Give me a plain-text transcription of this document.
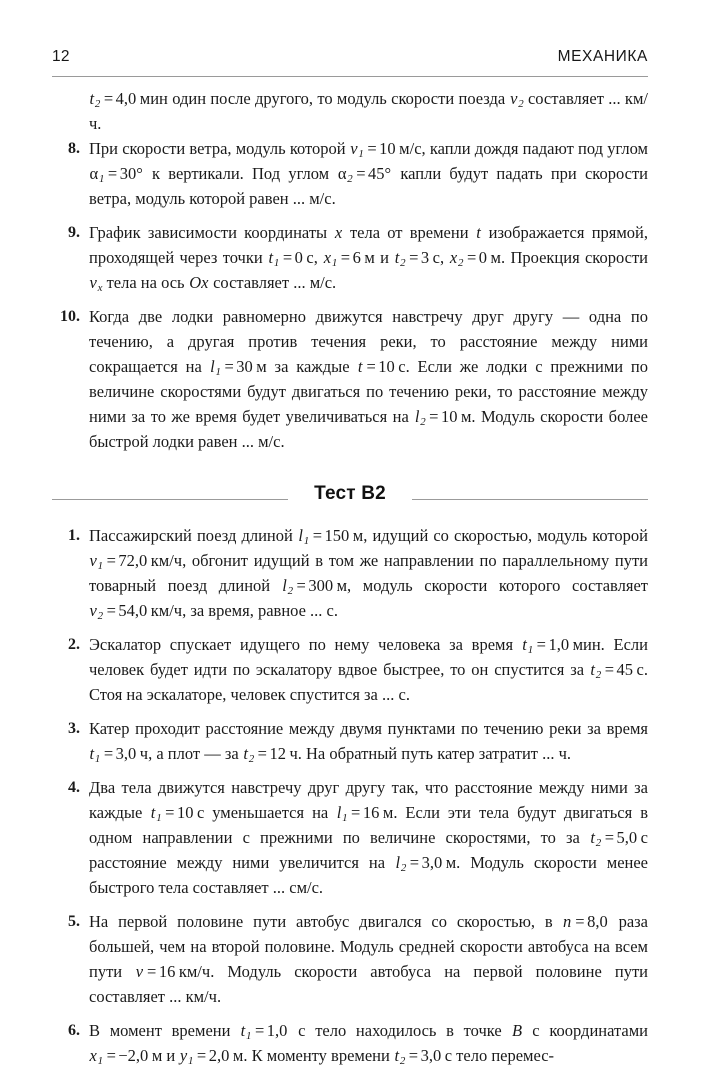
12	МЕХАНИКА

$t_2 = 4,0$ мин один после другого, то модуль скорости поезда $v_2$ составляет ... км/ч.

8. При скорости ветра, модуль которой $v_1 = 10$ м/с, капли дождя падают под углом $\alpha_1 = 30^\circ$ к вертикали. Под углом $\alpha_2 = 45^\circ$ капли будут падать при скорости ветра, модуль которой равен ... м/с.
9. График зависимости координаты x тела от времени t изображается прямой, проходящей через точки $t_1 = 0$ с, $x_1 = 6$ м и $t_2 = 3$ с, $x_2 = 0$ м. Проекция скорости $v_x$ тела на ось Ox составляет ... м/с.
10. Когда две лодки равномерно движутся навстречу друг другу — одна по течению, а другая против течения реки, то расстояние между ними сокращается на $l_1 = 30$ м за каждые t = 10 с. Если же лодки с прежними по величине скоростями будут двигаться по течению реки, то расстояние между ними за то же время будет увеличиваться на $l_2 = 10$ м. Модуль скорости более быстрой лодки равен ... м/с.
Тест В2
1. Пассажирский поезд длиной $l_1 = 150$ м, идущий со скоростью, модуль которой $v_1 = 72,0$ км/ч, обгонит идущий в том же направлении по параллельному пути товарный поезд длиной $l_2 = 300$ м, модуль скорости которого составляет $v_2 = 54,0$ км/ч, за время, равное ... с.
2. Эскалатор спускает идущего по нему человека за время $t_1 = 1,0$ мин. Если человек будет идти по эскалатору вдвое быстрее, то он спустится за $t_2 = 45$ с. Стоя на эскалаторе, человек спустится за ... с.
3. Катер проходит расстояние между двумя пунктами по течению реки за время $t_1 = 3,0$ ч, а плот — за $t_2 = 12$ ч. На обратный путь катер затратит ... ч.
4. Два тела движутся навстречу друг другу так, что расстояние между ними за каждые $t_1 = 10$ с уменьшается на $l_1 = 16$ м. Если эти тела будут двигаться в одном направлении с прежними по величине скоростями, то за $t_2 = 5,0$ с расстояние между ними увеличится на $l_2 = 3,0$ м. Модуль скорости менее быстрого тела составляет ... см/с.
5. На первой половине пути автобус двигался со скоростью, в n = 8,0 раза большей, чем на второй половине. Модуль средней скорости автобуса на всем пути v = 16 км/ч. Модуль скорости автобуса на первой половине пути составляет ... км/ч.
6. В момент времени $t_1 = 1,0$ с тело находилось в точке B с координатами $x_1 = -2,0$ м и $y_1 = 2,0$ м. К моменту времени $t_2 = 3,0$ с тело перемес-
